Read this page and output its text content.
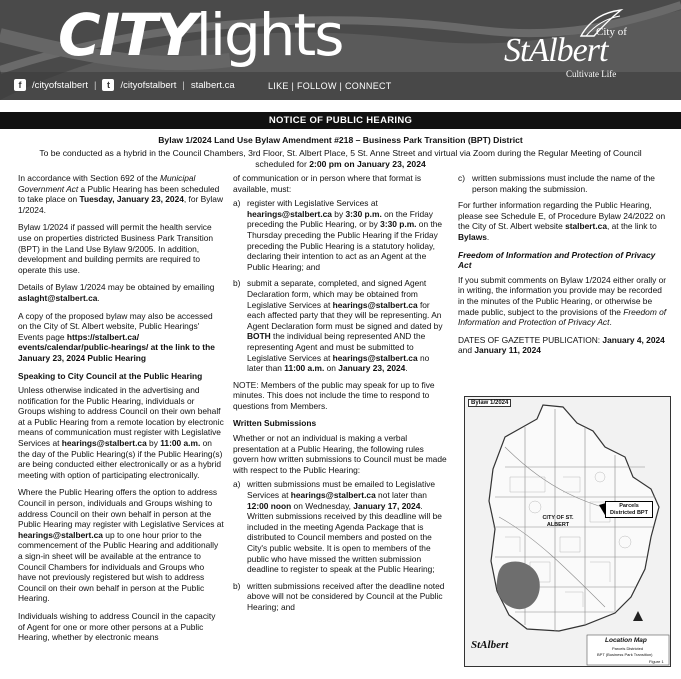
CITYlights
f	/cityofstalbert |	t	/cityofstalbert | stalbert.ca	LIKE | FOLLOW | CONNECT
City of
StAlbert
Cultivate Life
NOTICE OF PUBLIC HEARING
Bylaw 1/2024 Land Use Bylaw Amendment #218 – Business Park Transition (BPT) District
To be conducted as a hybrid in the Council Chambers, 3rd Floor, St. Albert Place, 5 St. Anne Street and virtual via Zoom during the Regular Meeting of Council
scheduled for 2:00 pm on January 23, 2024

In accordance with Section 692 of the Municipal Government Act a Public Hearing has been scheduled to take place on Tuesday, January 23, 2024, for Bylaw 1/2024.

Bylaw 1/2024 if passed will permit the health service use on properties districted Business Park Transition (BPT) in the Land Use Bylaw 9/2005. In addition, development and building permits are required to operate this use.

Details of Bylaw 1/2024 may be obtained by emailing aslaght@stalbert.ca.

A copy of the proposed bylaw may also be accessed on the City of St. Albert website, Public Hearings' Events page https://stalbert.ca/ events/calendar/public-hearings/ at the link to the January 23, 2024 Public Hearing

Speaking to City Council at the Public Hearing

Unless otherwise indicated in the advertising and notification for the Public Hearing, individuals or Groups wishing to address Council on their own behalf at a Public Hearing from a remote location by electronic means of communication must register with Legislative Services at hearings@stalbert.ca by 11:00 a.m. on the day of the Public Hearing(s) if the Public Hearing(s) are being conducted either electronically or as a hybrid meeting with option of participating electronically.

Where the Public Hearing offers the option to address Council in person, individuals and Groups wishing to address Council on their own behalf in person at the Public Hearing may register with Legislative Services at hearings@stalbert.ca up to one hour prior to the commencement of the Public Hearing and additionally a sign-in sheet will be available at the entrance to Council Chambers for individuals and Groups who have not previously registered but wish to address Council on their own behalf in person at the Public Hearing.

Individuals wishing to address Council in the capacity of Agent for one or more other persons at a Public Hearing, whether by electronic means

of communication or in person where that format is available, must:

a) register with Legislative Services at hearings@stalbert.ca by 3:30 p.m. on the Friday preceding the Public Hearing, or by 3:30 p.m. on the Thursday preceding the Public Hearing if the Friday preceding the Public Hearing is a statutory holiday, declaring their intention to act as an Agent at the Public Hearing; and
b) submit a separate, completed, and signed Agent Declaration form, which may be obtained from Legislative Services at hearings@stalbert.ca for each affected party that they will be representing. An Agent Declaration form must be signed and dated by BOTH the individual being represented AND the representing Agent and must be submitted to Legislative Services at hearings@stalbert.ca no later than 11:00 a.m. on January 23, 2024.

NOTE: Members of the public may speak for up to five minutes. This does not include the time to respond to questions from Members.

Written Submissions

Whether or not an individual is making a verbal presentation at a Public Hearing, the following rules govern how written submissions to Council must be made with respect to the Public Hearing:

a) written submissions must be emailed to Legislative Services at hearings@stalbert.ca not later than 12:00 noon on Wednesday, January 17, 2024. Written submissions received by this deadline will be included in the meeting Agenda Package that is distributed to Council members and posted on the City's public website. It is open to members of the public who have missed the written submission deadline to register to speak at the Public Hearing;
b) written submissions received after the deadline noted above will not be considered by Council at the Public Hearing; and
c) written submissions must include the name of the person making the submission.

For further information regarding the Public Hearing, please see Schedule E, of Procedure Bylaw 24/2022 on the City of St. Albert website stalbert.ca, at the link to Bylaws.

Freedom of Information and Protection of Privacy Act

If you submit comments on Bylaw 1/2024 either orally or in writing, the information you provide may be recorded in the minutes of the Public Hearing, or otherwise be made public, subject to the provisions of the Freedom of Information and Protection of Privacy Act.

DATES OF GAZETTE PUBLICATION: January 4, 2024 and January 11, 2024

Bylaw 1/2024
CITY OF ST. ALBERT
Parcels Districted BPT
Location Map
Parcels Districted
BPT (Business Park Transition)
StAlbert
Figure 1
